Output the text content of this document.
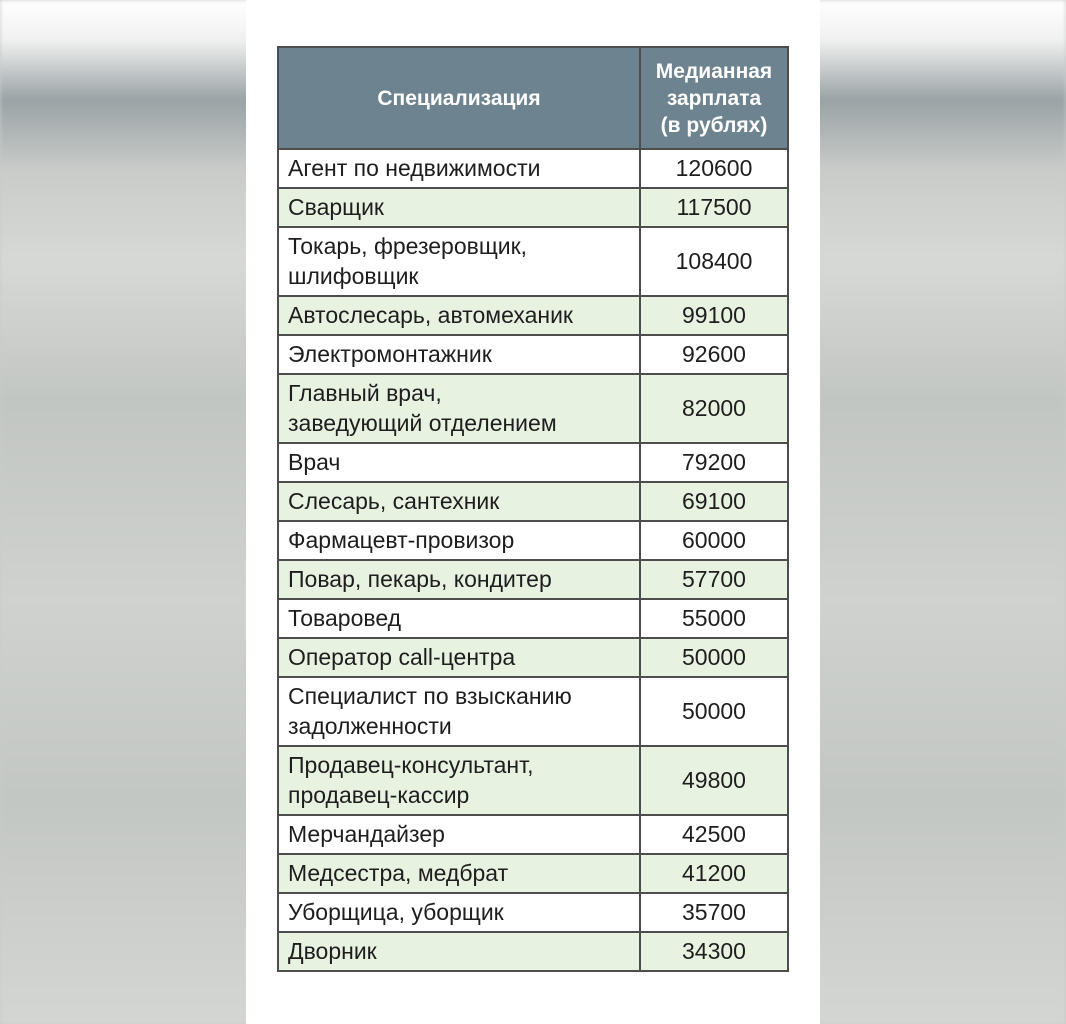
Специализация	Медианная
зарплата
(в рублях)

Агент по недвижимости	120600

Сварщик	117500

Токарь, фрезеровщик,
шлифовщик	108400

Автослесарь, автомеханик	99100

Электромонтажник	92600

Главный врач,
заведующий отделением	82000

Врач	79200

Слесарь, сантехник	69100

Фармацевт-провизор	60000

Повар, пекарь, кондитер	57700

Товаровед	55000

Оператор call-центра	50000

Специалист по взысканию
задолженности	50000

Продавец-консультант,
продавец-кассир	49800

Мерчандайзер	42500

Медсестра, медбрат	41200

Уборщица, уборщик	35700

Дворник	34300
